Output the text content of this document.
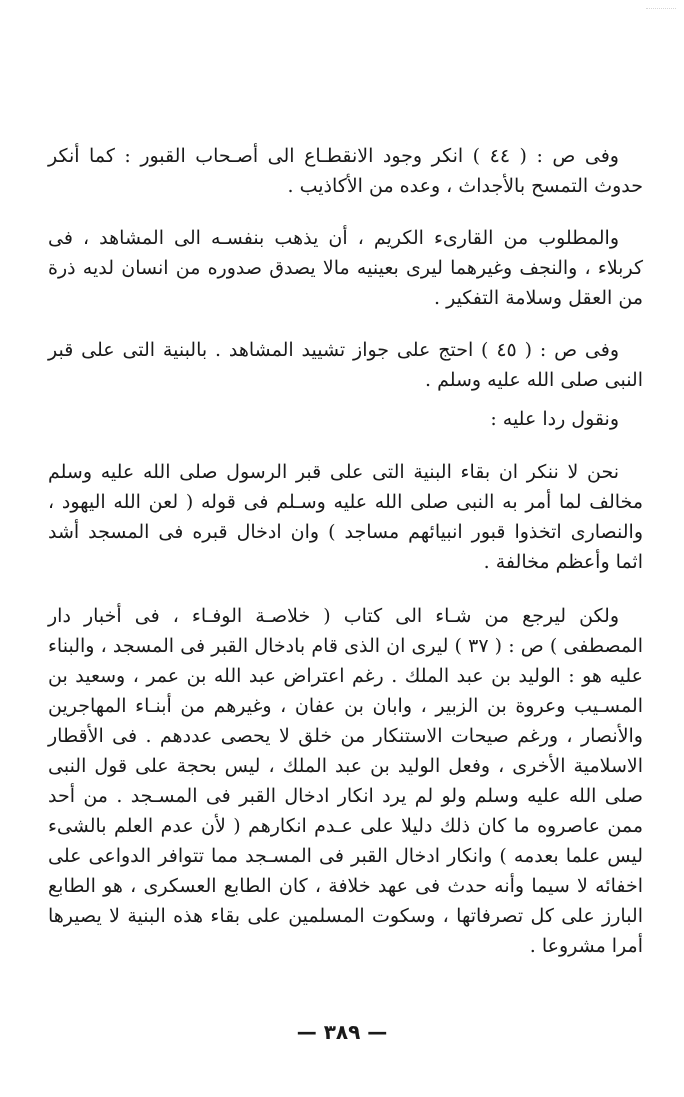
وفى ص : ( ٤٤ ) انكر وجود الانقطـاع الى أصـحاب القبور : كما أنكر حدوث التمسح بالأجداث ، وعده من الأكاذيب .

والمطلوب من القارىء الكريم ، أن يذهب بنفسـه الى المشاهد ، فى كربلاء ، والنجف وغيرهما ليرى بعينيه مالا يصدق صدوره من انسان لديه ذرة من العقل وسلامة التفكير .

وفى ص : ( ٤٥ ) احتج على جواز تشييد المشاهد . بالبنية التى على قبر النبى صلى الله عليه وسلم .

ونقول ردا عليه :

نحن لا ننكر ان بقاء البنية التى على قبر الرسول صلى الله عليه وسلم مخالف لما أمر به النبى صلى الله عليه وسـلم فى قوله ( لعن الله اليهود ، والنصارى اتخذوا قبور انبيائهم مساجد ) وان ادخال قبره فى المسجد أشد اثما وأعظم مخالفة .

ولكن ليرجع من شـاء الى كتاب ( خلاصـة الوفـاء ، فى أخبار دار المصطفى ) ص : ( ٣٧ ) ليرى ان الذى قام بادخال القبر فى المسجد ، والبناء عليه هو : الوليد بن عبد الملك . رغم اعتراض عبد الله بن عمر ، وسعيد بن المسـيب وعروة بن الزبير ، وابان بن عفان ، وغيرهم من أبنـاء المهاجرين والأنصار ، ورغم صيحات الاستنكار من خلق لا يحصى عددهم . فى الأقطار الاسلامية الأخرى ، وفعل الوليد بن عبد الملك ، ليس بحجة على قول النبى صلى الله عليه وسلم ولو لم يرد انكار ادخال القبر فى المسـجد . من أحد ممن عاصروه ما كان ذلك دليلا على عـدم انكارهم ( لأن عدم العلم بالشىء ليس علما بعدمه ) وانكار ادخال القبر فى المسـجد مما تتوافر الدواعى على اخفائه لا سيما وأنه حدث فى عهد خلافة ، كان الطابع العسكرى ، هو الطابع البارز على كل تصرفاتها ، وسكوت المسلمين على بقاء هذه البنية لا يصيرها أمرا مشروعا .

— ٣٨٩ —
